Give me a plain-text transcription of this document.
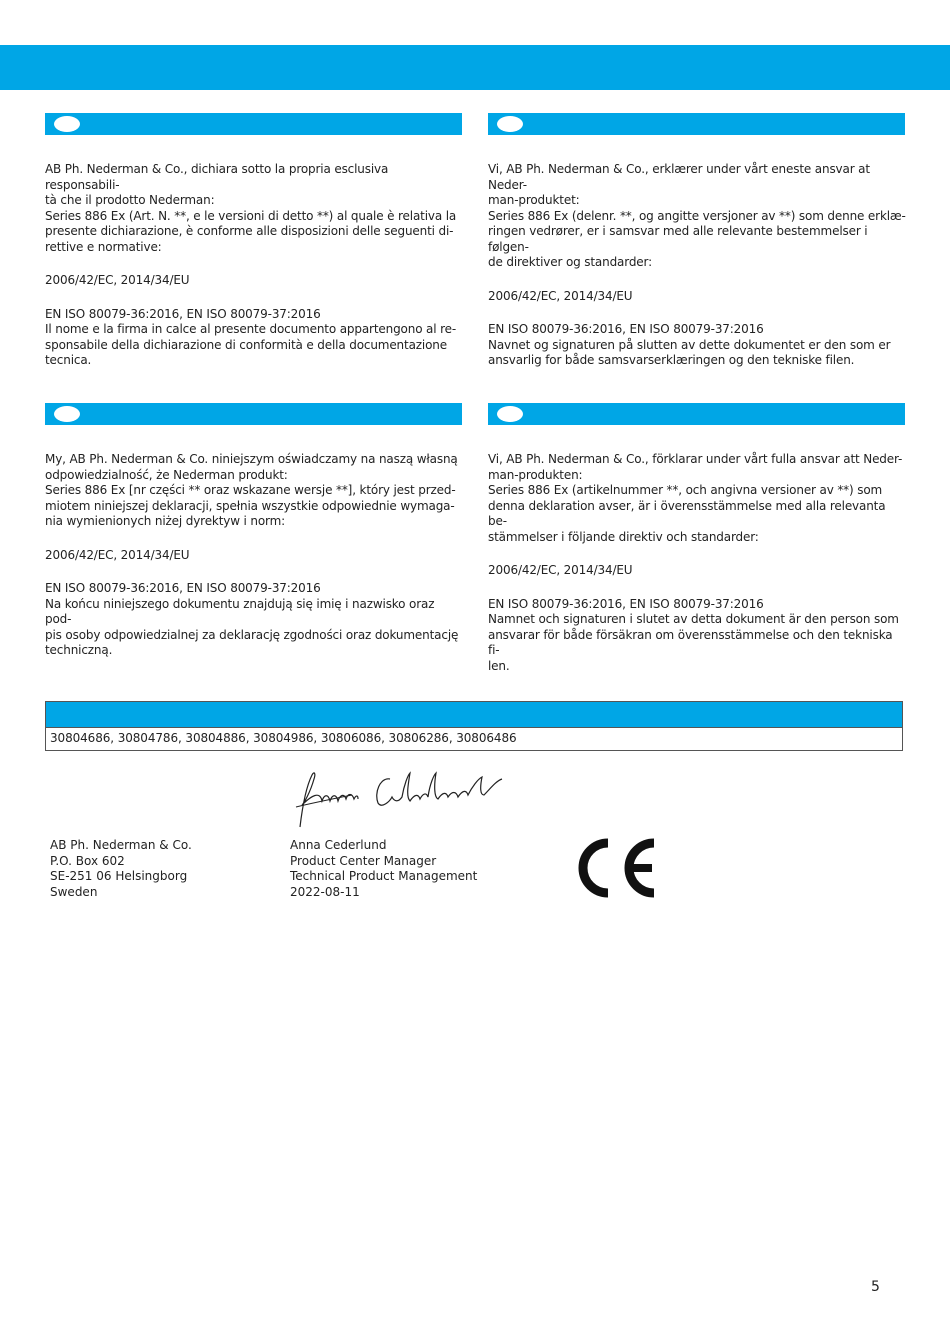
AB Ph. Nederman & Co., dichiara sotto la propria esclusiva responsabili-
tà che il prodotto Nederman:
Series 886 Ex (Art. N. **, e le versioni di detto **) al quale è relativa la
presente dichiarazione, è conforme alle disposizioni delle seguenti di-
rettive e normative:

2006/42/EC, 2014/34/EU

EN ISO 80079-36:2016, EN ISO 80079-37:2016
Il nome e la firma in calce al presente documento appartengono al re-
sponsabile della dichiarazione di conformità e della documentazione
tecnica.

Vi, AB Ph. Nederman & Co., erklærer under vårt eneste ansvar at Neder-
man-produktet:
Series 886 Ex (delenr. **, og angitte versjoner av **) som denne erklæ-
ringen vedrører, er i samsvar med alle relevante bestemmelser i følgen-
de direktiver og standarder:

2006/42/EC, 2014/34/EU

EN ISO 80079-36:2016, EN ISO 80079-37:2016
Navnet og signaturen på slutten av dette dokumentet er den som er
ansvarlig for både samsvarserklæringen og den tekniske filen.

My, AB Ph. Nederman & Co. niniejszym oświadczamy na naszą własną
odpowiedzialność, że Nederman produkt:
Series 886 Ex [nr części ** oraz wskazane wersje **], który jest przed-
miotem niniejszej deklaracji, spełnia wszystkie odpowiednie wymaga-
nia wymienionych niżej dyrektyw i norm:

2006/42/EC, 2014/34/EU

EN ISO 80079-36:2016, EN ISO 80079-37:2016
Na końcu niniejszego dokumentu znajdują się imię i nazwisko oraz pod-
pis osoby odpowiedzialnej za deklarację zgodności oraz dokumentację
techniczną.

Vi, AB Ph. Nederman & Co., förklarar under vårt fulla ansvar att Neder-
man-produkten:
Series 886 Ex (artikelnummer **, och angivna versioner av **) som
denna deklaration avser, är i överensstämmelse med alla relevanta be-
stämmelser i följande direktiv och standarder:

2006/42/EC, 2014/34/EU

EN ISO 80079-36:2016, EN ISO 80079-37:2016
Namnet och signaturen i slutet av detta dokument är den person som
ansvarar för både försäkran om överensstämmelse och den tekniska fi-
len.

30804686, 30804786, 30804886, 30804986, 30806086, 30806286, 30806486
AB Ph. Nederman & Co.
P.O. Box 602
SE-251 06 Helsingborg
Sweden
Anna Cederlund
Product Center Manager
Technical Product Management
2022-08-11
5
